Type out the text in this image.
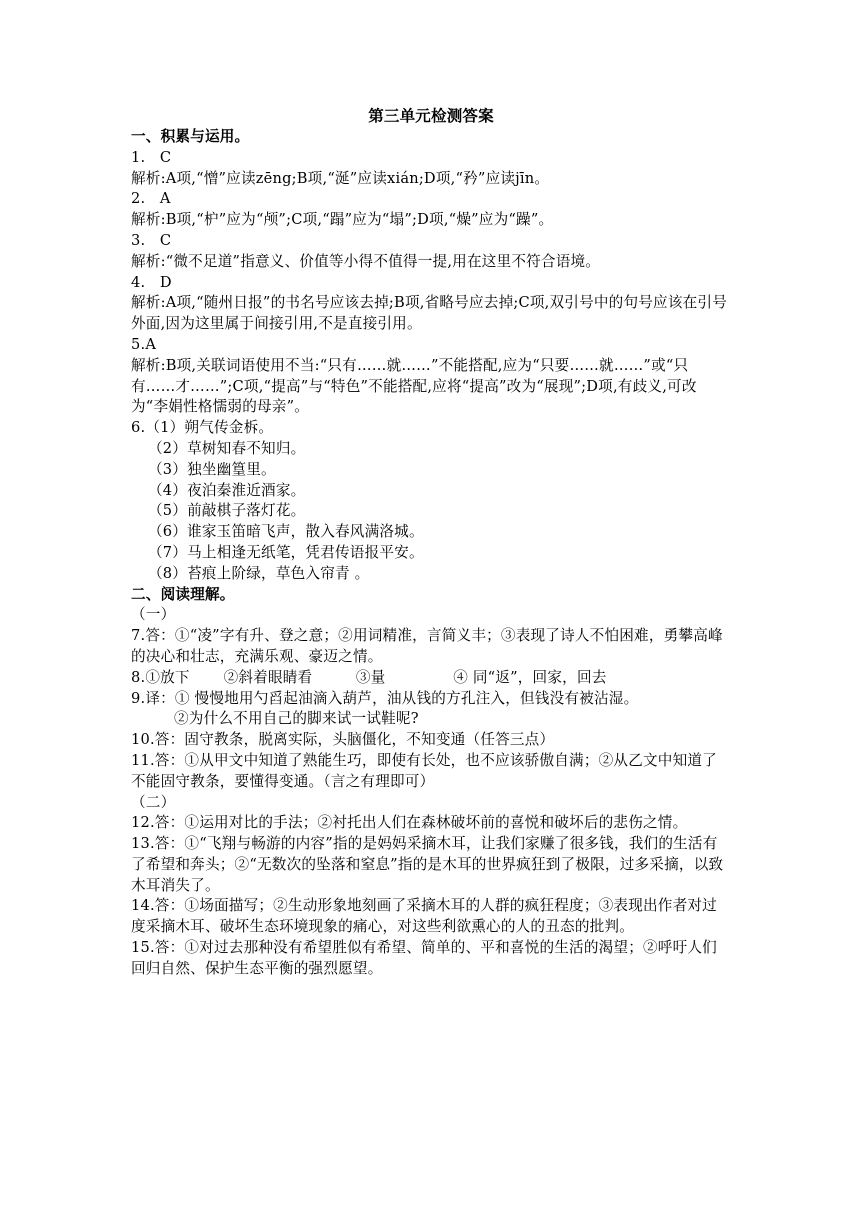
第三单元检测答案
一、积累与运用。
1.   C
解析:A项,“憎”应读zēng;B项,“涎”应读xián;D项,“矜”应读jīn。
2.   A
解析:B项,“枦”应为“颅”;C项,“蹋”应为“塌”;D项,“燥”应为“躁”。
3.   C
解析:“微不足道”指意义、价值等小得不值得一提,用在这里不符合语境。
4.   D
解析:A项,“随州日报”的书名号应该去掉;B项,省略号应去掉;C项,双引号中的句号应该在引号外面,因为这里属于间接引用,不是直接引用。
5.A
解析:B项,关联词语使用不当:“只有……就……”不能搭配,应为“只要……就……”或“只有……才……”;C项,“提高”与“特色”不能搭配,应将“提高”改为“展现”;D项,有歧义,可改为“李娟性格懦弱的母亲”。
6.（1）朔气传金柝。
（2）草树知春不知归。
（3）独坐幽篁里。
（4）夜泊秦淮近酒家。
（5）前敲棋子落灯花。
（6）谁家玉笛暗飞声，散入春风满洛城。
（7）马上相逢无纸笔，凭君传语报平安。
（8）苔痕上阶绿，草色入帘青 。
二、阅读理解。
（一）
7.答：①“凌”字有升、登之意；②用词精准，言简义丰；③表现了诗人不怕困难，勇攀高峰的决心和壮志，充满乐观、豪迈之情。
8.①放下       ②斜着眼睛看         ③量              ④ 同“返”，回家，回去
9.译：① 慢慢地用勺舀起油滴入葫芦，油从钱的方孔注入，但钱没有被沾湿。
②为什么不用自己的脚来试一试鞋呢?
10.答：固守教条，脱离实际，头脑僵化，不知变通（任答三点）
11.答：①从甲文中知道了熟能生巧，即使有长处，也不应该骄傲自满；②从乙文中知道了不能固守教条，要懂得变通。（言之有理即可）
（二）
12.答：①运用对比的手法；②衬托出人们在森林破坏前的喜悦和破坏后的悲伤之情。
13.答：①“飞翔与畅游的内容”指的是妈妈采摘木耳，让我们家赚了很多钱，我们的生活有了希望和奔头；②“无数次的坠落和窒息”指的是木耳的世界疯狂到了极限，过多采摘，以致木耳消失了。
14.答：①场面描写；②生动形象地刻画了采摘木耳的人群的疯狂程度；③表现出作者对过度采摘木耳、破坏生态环境现象的痛心，对这些利欲熏心的人的丑态的批判。
15.答：①对过去那种没有希望胜似有希望、简单的、平和喜悦的生活的渴望；②呼吁人们回归自然、保护生态平衡的强烈愿望。
